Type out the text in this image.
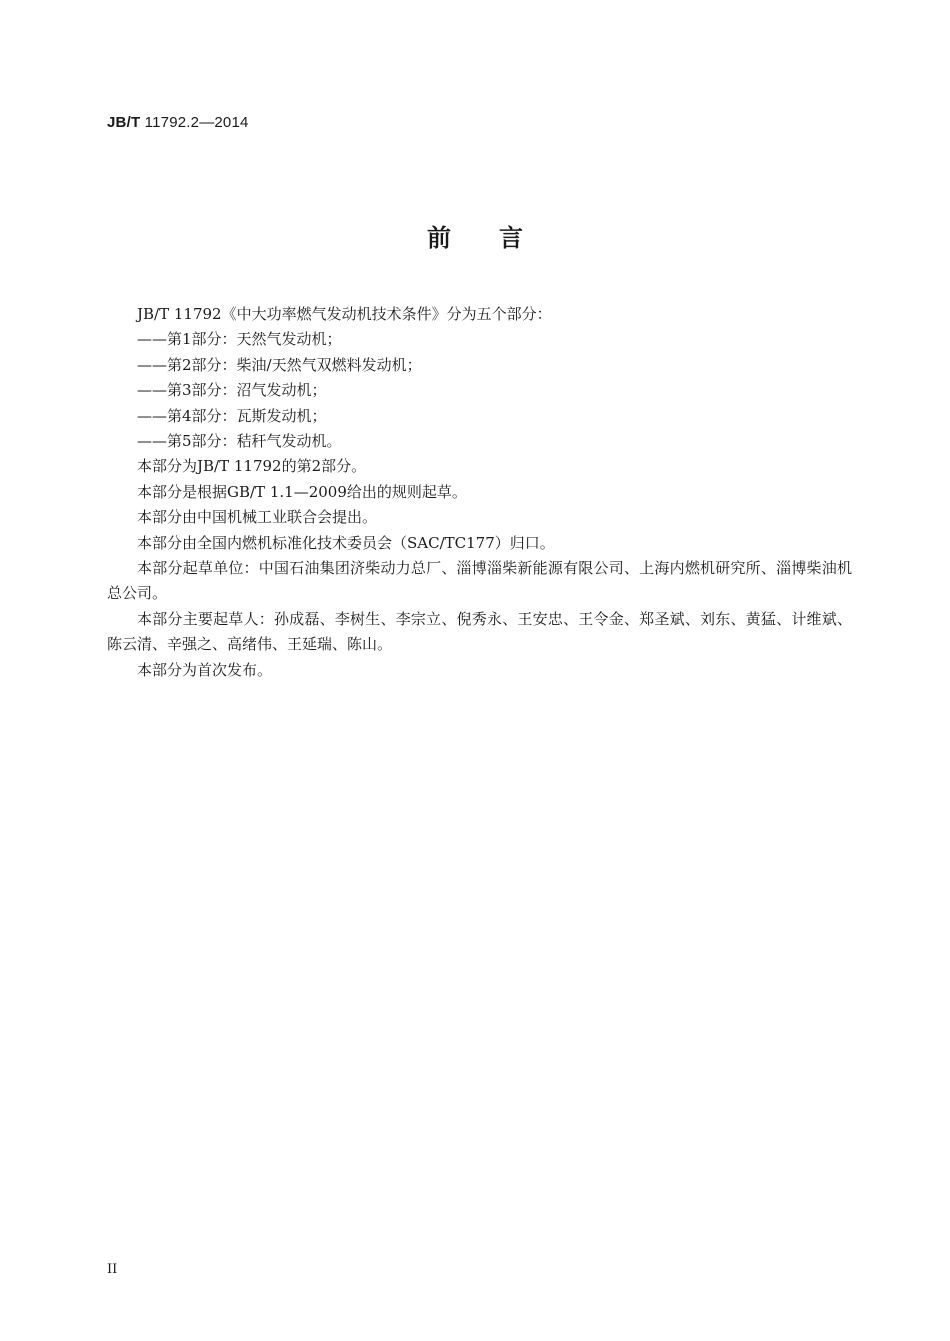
JB/T 11792.2—2014
前 言

JB/T 11792《中大功率燃气发动机技术条件》分为五个部分：

——第1部分：天然气发动机；

——第2部分：柴油/天然气双燃料发动机；

——第3部分：沼气发动机；

——第4部分：瓦斯发动机；

——第5部分：秸秆气发动机。

本部分为JB/T 11792的第2部分。

本部分是根据GB/T 1.1—2009给出的规则起草。

本部分由中国机械工业联合会提出。

本部分由全国内燃机标准化技术委员会（SAC/TC177）归口。

本部分起草单位：中国石油集团济柴动力总厂、淄博淄柴新能源有限公司、上海内燃机研究所、淄博柴油机总公司。

本部分主要起草人：孙成磊、李树生、李宗立、倪秀永、王安忠、王令金、郑圣斌、刘东、黄猛、计维斌、陈云清、辛强之、高绪伟、王延瑞、陈山。

本部分为首次发布。

II
